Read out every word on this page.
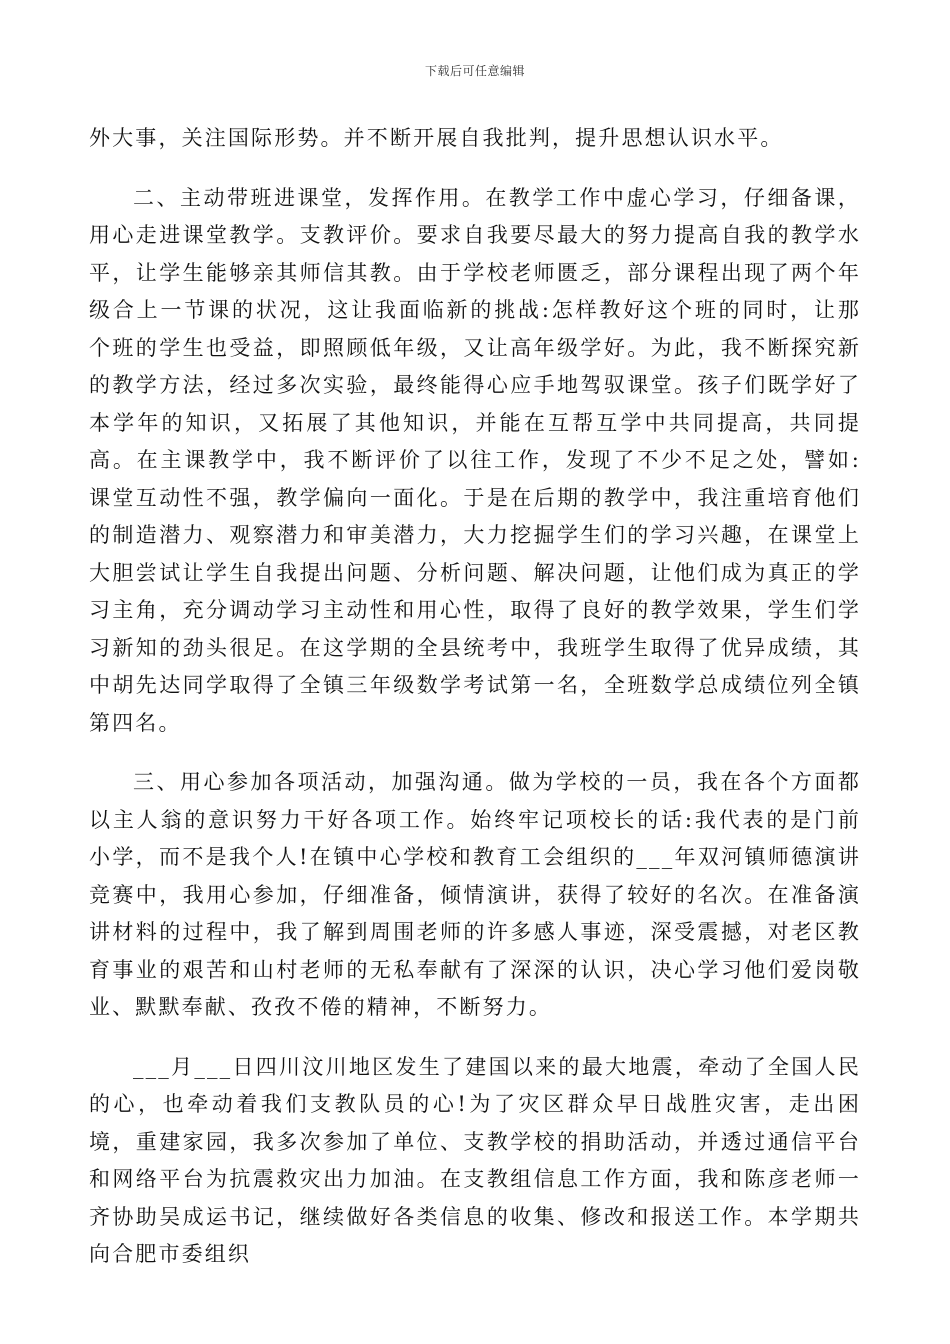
下载后可任意编辑

外大事，关注国际形势。并不断开展自我批判，提升思想认识水平。

二、主动带班进课堂，发挥作用。在教学工作中虚心学习，仔细备课，用心走进课堂教学。支教评价。要求自我要尽最大的努力提高自我的教学水平，让学生能够亲其师信其教。由于学校老师匮乏，部分课程出现了两个年级合上一节课的状况，这让我面临新的挑战:怎样教好这个班的同时，让那个班的学生也受益，即照顾低年级，又让高年级学好。为此，我不断探究新的教学方法，经过多次实验，最终能得心应手地驾驭课堂。孩子们既学好了本学年的知识，又拓展了其他知识，并能在互帮互学中共同提高，共同提高。在主课教学中，我不断评价了以往工作，发现了不少不足之处，譬如:课堂互动性不强，教学偏向一面化。于是在后期的教学中，我注重培育他们的制造潜力、观察潜力和审美潜力，大力挖掘学生们的学习兴趣，在课堂上大胆尝试让学生自我提出问题、分析问题、解决问题，让他们成为真正的学习主角，充分调动学习主动性和用心性，取得了良好的教学效果，学生们学习新知的劲头很足。在这学期的全县统考中，我班学生取得了优异成绩，其中胡先达同学取得了全镇三年级数学考试第一名，全班数学总成绩位列全镇第四名。

三、用心参加各项活动，加强沟通。做为学校的一员，我在各个方面都以主人翁的意识努力干好各项工作。始终牢记项校长的话:我代表的是门前小学，而不是我个人!在镇中心学校和教育工会组织的___年双河镇师德演讲竞赛中，我用心参加，仔细准备，倾情演讲，获得了较好的名次。在准备演讲材料的过程中，我了解到周围老师的许多感人事迹，深受震撼，对老区教育事业的艰苦和山村老师的无私奉献有了深深的认识，决心学习他们爱岗敬业、默默奉献、孜孜不倦的精神，不断努力。

___月___日四川汶川地区发生了建国以来的最大地震，牵动了全国人民的心，也牵动着我们支教队员的心!为了灾区群众早日战胜灾害，走出困境，重建家园，我多次参加了单位、支教学校的捐助活动，并透过通信平台和网络平台为抗震救灾出力加油。在支教组信息工作方面，我和陈彦老师一齐协助吴成运书记，继续做好各类信息的收集、修改和报送工作。本学期共向合肥市委组织
